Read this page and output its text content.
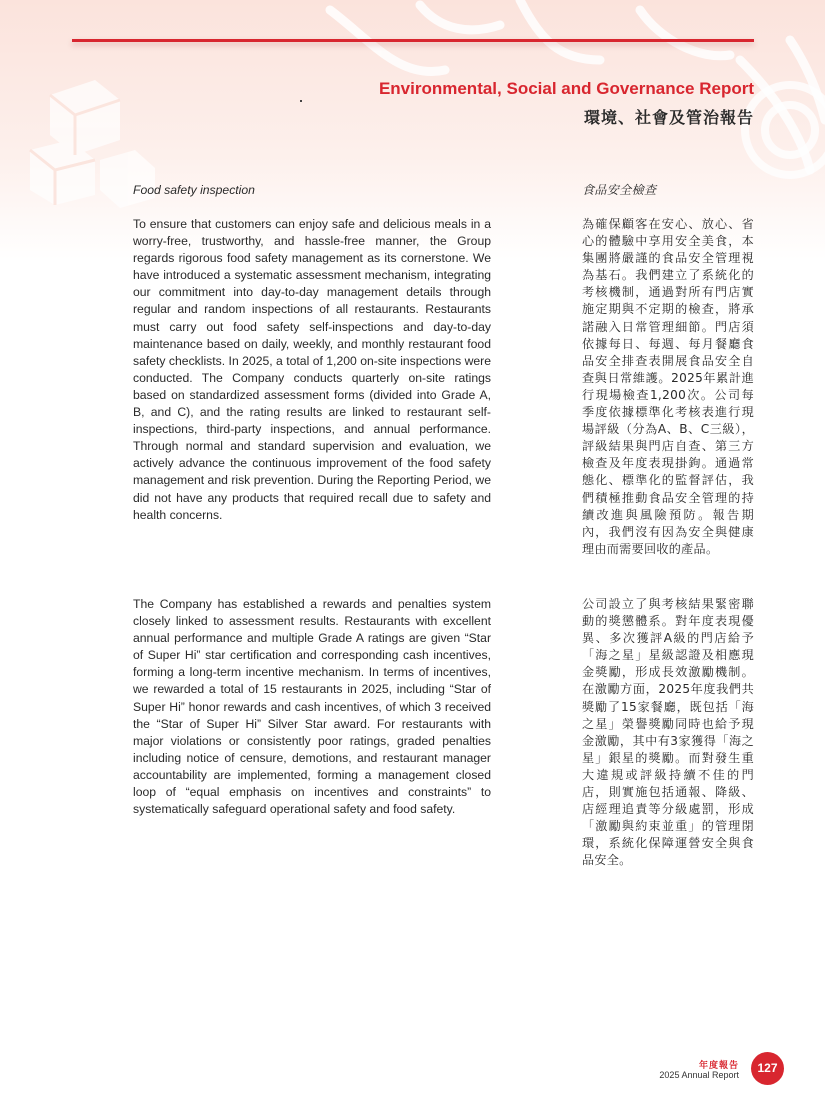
Environmental, Social and Governance Report
環境、社會及管治報告
Food safety inspection

To ensure that customers can enjoy safe and delicious meals in a worry-free, trustworthy, and hassle-free manner, the Group regards rigorous food safety management as its cornerstone. We have introduced a systematic assessment mechanism, integrating our commitment into day-to-day management details through regular and random inspections of all restaurants. Restaurants must carry out food safety self-inspections and day-to-day maintenance based on daily, weekly, and monthly restaurant food safety checklists. In 2025, a total of 1,200 on-site inspections were conducted. The Company conducts quarterly on-site ratings based on standardized assessment forms (divided into Grade A, B, and C), and the rating results are linked to restaurant self-inspections, third-party inspections, and annual performance. Through normal and standard supervision and evaluation, we actively advance the continuous improvement of the food safety management and risk prevention. During the Reporting Period, we did not have any products that required recall due to safety and health concerns.

The Company has established a rewards and penalties system closely linked to assessment results. Restaurants with excellent annual performance and multiple Grade A ratings are given “Star of Super Hi” star certification and corresponding cash incentives, forming a long-term incentive mechanism. In terms of incentives, we rewarded a total of 15 restaurants in 2025, including “Star of Super Hi” honor rewards and cash incentives, of which 3 received the “Star of Super Hi” Silver Star award. For restaurants with major violations or consistently poor ratings, graded penalties including notice of censure, demotions, and restaurant manager accountability are implemented, forming a management closed loop of “equal emphasis on incentives and constraints” to systematically safeguard operational safety and food safety.

食品安全檢查

為確保顧客在安心、放心、省心的體驗中享用安全美食，本集團將嚴謹的食品安全管理視為基石。我們建立了系統化的考核機制，通過對所有門店實施定期與不定期的檢查，將承諾融入日常管理細節。門店須依據每日、每週、每月餐廳食品安全排查表開展食品安全自查與日常維護。2025年累計進行現場檢查1,200次。公司每季度依據標準化考核表進行現場評級（分為A、B、C三級），評級結果與門店自查、第三方檢查及年度表現掛鉤。通過常態化、標準化的監督評估，我們積極推動食品安全管理的持續改進與風險預防。報告期內，我們沒有因為安全與健康理由而需要回收的產品。

公司設立了與考核結果緊密聯動的獎懲體系。對年度表現優異、多次獲評A級的門店給予「海之星」星級認證及相應現金獎勵，形成長效激勵機制。在激勵方面，2025年度我們共獎勵了15家餐廳，既包括「海之星」榮譽獎勵同時也給予現金激勵，其中有3家獲得「海之星」銀星的獎勵。而對發生重大違規或評級持續不佳的門店，則實施包括通報、降級、店經理追責等分級處罰，形成「激勵與約束並重」的管理閉環，系統化保障運營安全與食品安全。

年度報告
2025 Annual Report	127
